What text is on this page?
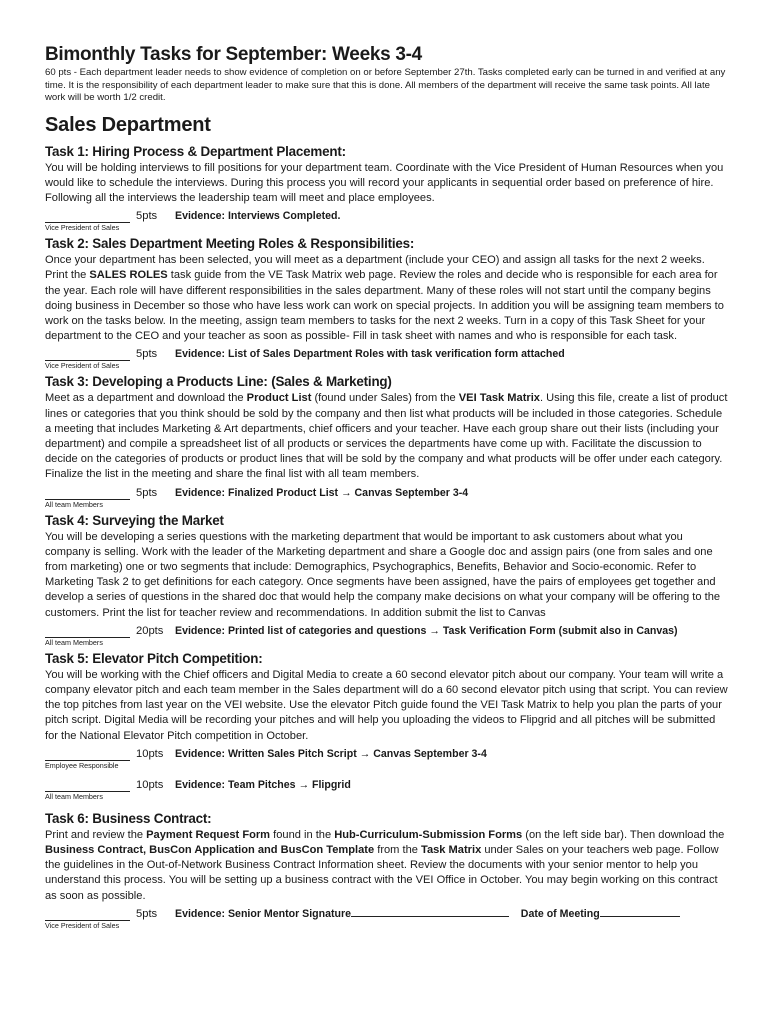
Bimonthly Tasks for September: Weeks 3-4

60 pts - Each department leader needs to show evidence of completion on or before September 27th. Tasks completed early can be turned in and verified at any time. It is the responsibility of each department leader to make sure that this is done. All members of the department will receive the same task points. All late work will be worth 1/2 credit.

Sales Department

Task 1: Hiring Process & Department Placement:

You will be holding interviews to fill positions for your department team. Coordinate with the Vice President of Human Resources when you would like to schedule the interviews. During this process you will record your applicants in sequential order based on preference of hire. Following all the interviews the leadership team will meet and place employees.

5pts	Evidence: Interviews Completed.

Vice President of Sales

Task 2: Sales Department Meeting Roles & Responsibilities:

Once your department has been selected, you will meet as a department (include your CEO) and assign all tasks for the next 2 weeks. Print the SALES ROLES task guide from the VE Task Matrix web page. Review the roles and decide who is responsible for each area for the year. Each role will have different responsibilities in the sales department. Many of these roles will not start until the company begins doing business in December so those who have less work can work on special projects. In addition you will be assigning team members to work on the tasks below. In the meeting, assign team members to tasks for the next 2 weeks. Turn in a copy of this Task Sheet for your department to the CEO and your teacher as soon as possible- Fill in task sheet with names and who is responsible for each task.

5pts	Evidence: List of Sales Department Roles with task verification form attached

Vice President of Sales

Task 3: Developing a Products Line: (Sales & Marketing)

Meet as a department and download the Product List (found under Sales) from the VEI Task Matrix. Using this file, create a list of product lines or categories that you think should be sold by the company and then list what products will be included in those categories. Schedule a meeting that includes Marketing & Art departments, chief officers and your teacher. Have each group share out their lists (including your department) and compile a spreadsheet list of all products or services the departments have come up with. Facilitate the discussion to decide on the categories of products or product lines that will be sold by the company and what products will be offer under each category. Finalize the list in the meeting and share the final list with all team members.

5pts	Evidence: Finalized Product List → Canvas September 3-4

All team Members

Task 4: Surveying the Market

You will be developing a series questions with the marketing department that would be important to ask customers about what you company is selling. Work with the leader of the Marketing department and share a Google doc and assign pairs (one from sales and one from marketing) one or two segments that include: Demographics, Psychographics, Benefits, Behavior and Socio-economic. Refer to Marketing Task 2 to get definitions for each category. Once segments have been assigned, have the pairs of employees get together and develop a series of questions in the shared doc that would help the company make decisions on what your company will be offering to the customers. Print the list for teacher review and recommendations. In addition submit the list to Canvas

20pts	Evidence: Printed list of categories and questions → Task Verification Form (submit also in Canvas)

All team Members

Task 5: Elevator Pitch Competition:

You will be working with the Chief officers and Digital Media to create a 60 second elevator pitch about our company. Your team will write a company elevator pitch and each team member in the Sales department will do a 60 second elevator pitch using that script. You can review the top pitches from last year on the VEI website. Use the elevator Pitch guide found the VEI Task Matrix to help you plan the parts of your pitch script. Digital Media will be recording your pitches and will help you uploading the videos to Flipgrid and all pitches will be submitted for the National Elevator Pitch competition in October.

10pts	Evidence: Written Sales Pitch Script → Canvas September 3-4

Employee Responsible

10pts	Evidence: Team Pitches → Flipgrid

All team Members

Task 6: Business Contract:

Print and review the Payment Request Form found in the Hub-Curriculum-Submission Forms (on the left side bar). Then download the Business Contract, BusCon Application and BusCon Template from the Task Matrix under Sales on your teachers web page. Follow the guidelines in the Out-of-Network Business Contract Information sheet. Review the documents with your senior mentor to help you understand this process. You will be setting up a business contract with the VEI Office in October. You may begin working on this contract as soon as possible.

5pts	Evidence: Senior Mentor Signature	Date of Meeting

Vice President of Sales
